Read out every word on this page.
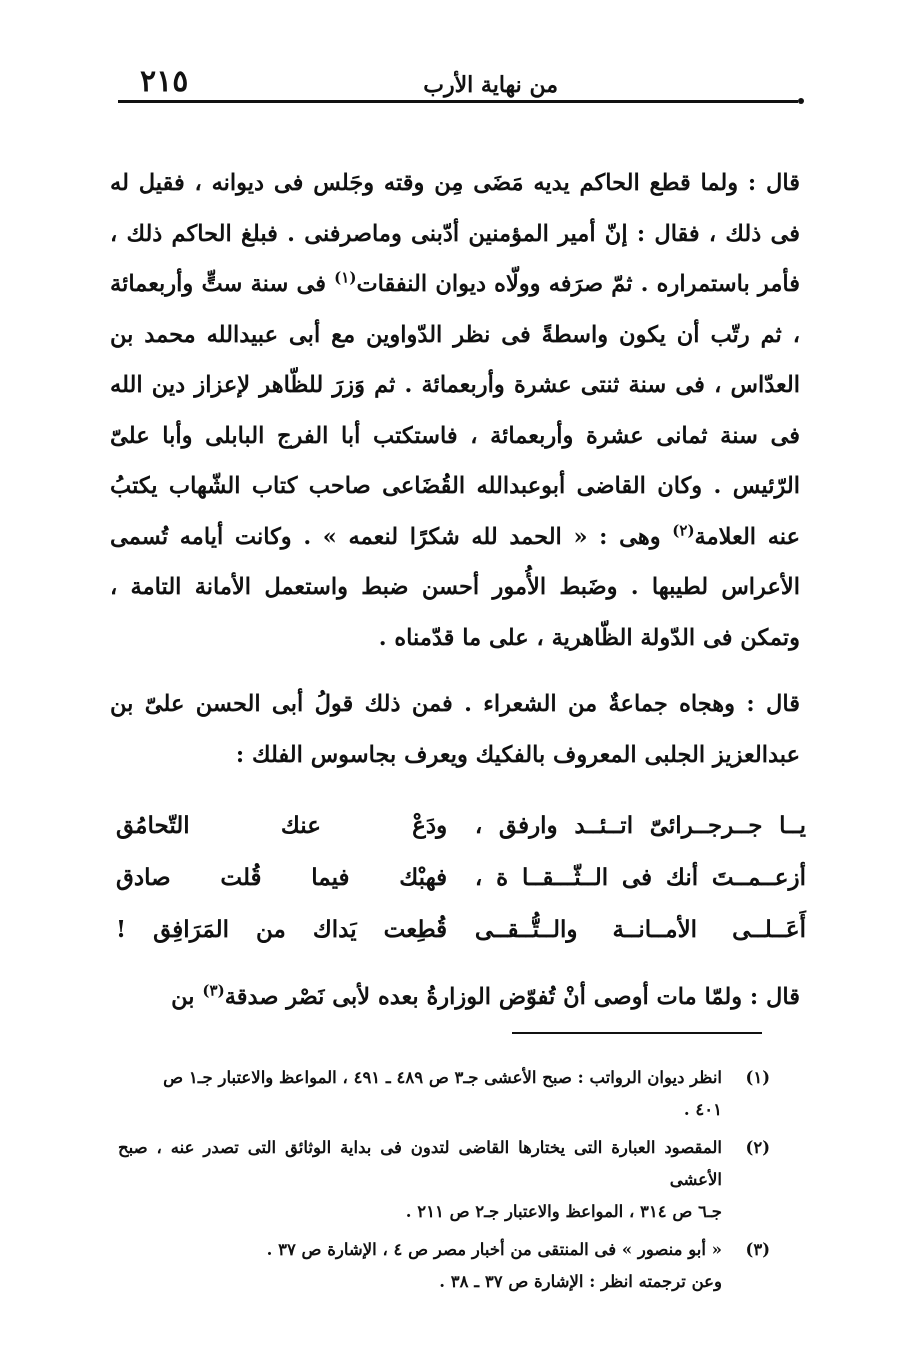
من نهاية الأرب
٢١٥

قال : ولما قطع الحاكم يديه مَضَى مِن وقته وجَلس فى ديوانه ، فقيل له فى ذلك ، فقال : إنّ أمير المؤمنين أدّبنى وماصرفنى . فبلغ الحاكم ذلك ، فأمر باستمراره . ثمّ صرَفه وولّاه ديوان النفقات$^{(١)}$ فى سنة ستٍّ وأربعمائة ، ثم رتّب أن يكون واسطةً فى نظر الدّواوين مع أبى عبيدالله محمد بن العدّاس ، فى سنة ثنتى عشرة وأربعمائة . ثم وَزرَ للظّاهر لإعزاز دين الله فى سنة ثمانى عشرة وأربعمائة ، فاستكتب أبا الفرج البابلى وأبا علىّ الرّئيس . وكان القاضى أبوعبدالله القُضَاعى صاحب كتاب الشّهاب يكتبُ عنه العلامة$^{(٢)}$ وهى : « الحمد لله شكرًا لنعمه » . وكانت أيامه تُسمى الأعراس لطيبها . وضَبط الأُمور أحسن ضبط واستعمل الأمانة التامة ، وتمكن فى الدّولة الظّاهرية ، على ما قدّمناه .

قال : وهجاه جماعةٌ من الشعراء . فمن ذلك قولُ أبى الحسن علىّ بن عبدالعزيز الجلبى المعروف بالفكيك ويعرف بجاسوس الفلك :

يــا جــرجــرائىّ اتــئــد وارفق ،
ودَعْ عنك التّحامُق
أزعــمــتَ أنك فى الــثّـــقــا ة ،
فهبْك فيما قُلت صادق
أَعَــلــى الأمــانــة والــتُّــقــى
قُطِعت يَداك من المَرَافِق !
قال : ولمّا مات أوصى أنْ تُفوّض الوزارةُ بعده لأبى نَصْر صدقة$^{(٣)}$ بن
(١)
انظر ديوان الرواتب : صبح الأعشى جـ٣ ص ٤٨٩ ـ ٤٩١ ، المواعظ والاعتبار جـ١ ص
٤٠١ .
(٢)
المقصود العبارة التى يختارها القاضى لتدون فى بداية الوثائق التى تصدر عنه ، صبح الأعشى
جـ٦ ص ٣١٤ ، المواعظ والاعتبار جـ٢ ص ٢١١ .
(٣)
« أبو منصور » فى المنتقى من أخبار مصر ص ٤ ، الإشارة ص ٣٧ .
وعن ترجمته انظر : الإشارة ص ٣٧ ـ ٣٨ .
